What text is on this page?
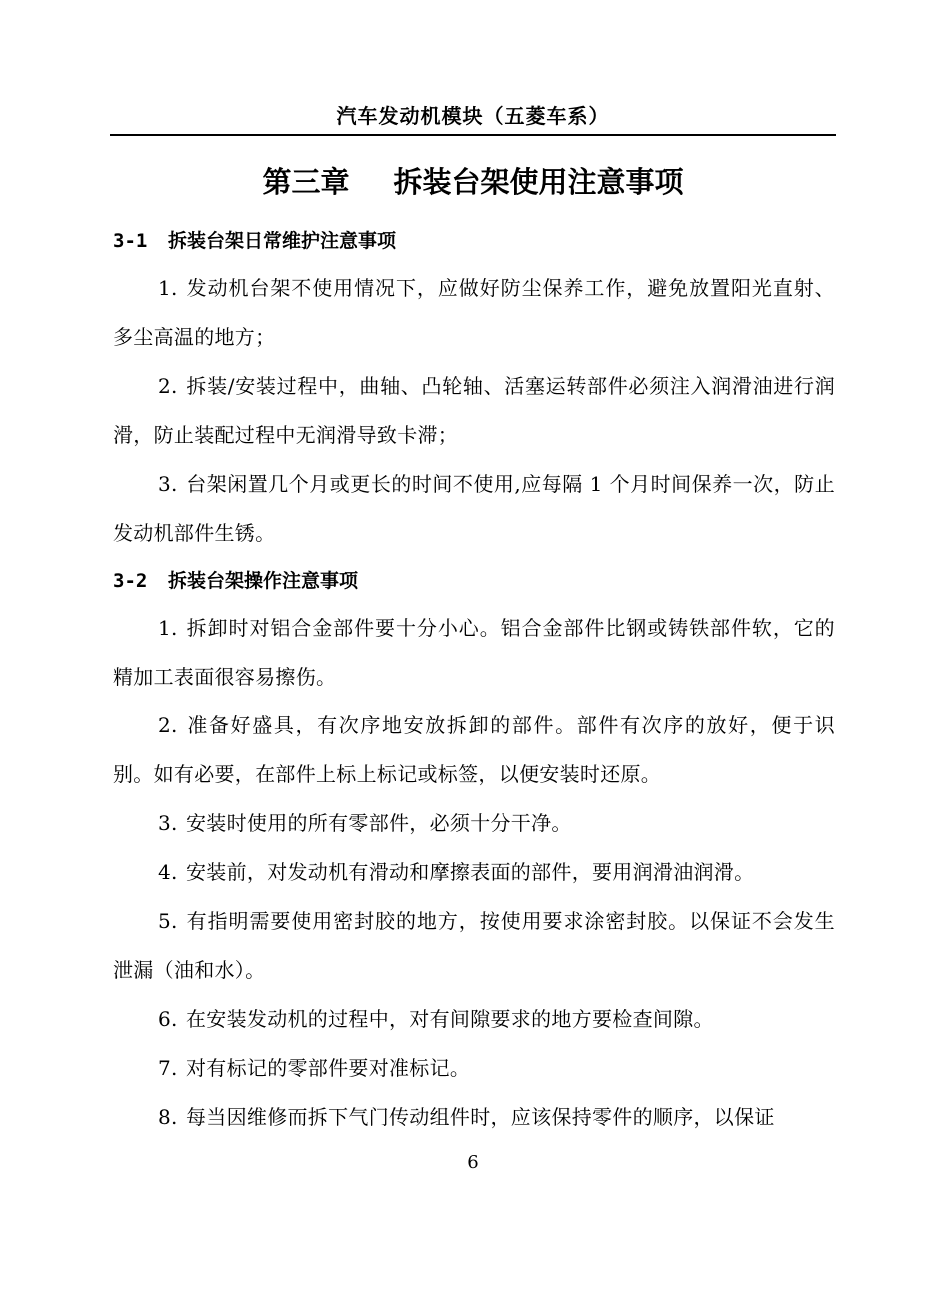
汽车发动机模块（五菱车系）
第三章 拆装台架使用注意事项
3-1 拆装台架日常维护注意事项
1. 发动机台架不使用情况下，应做好防尘保养工作，避免放置阳光直射、多尘高温的地方；
2. 拆装/安装过程中，曲轴、凸轮轴、活塞运转部件必须注入润滑油进行润滑，防止装配过程中无润滑导致卡滞；
3. 台架闲置几个月或更长的时间不使用,应每隔 1 个月时间保养一次，防止发动机部件生锈。
3-2 拆装台架操作注意事项
1. 拆卸时对铝合金部件要十分小心。铝合金部件比钢或铸铁部件软，它的精加工表面很容易擦伤。
2. 准备好盛具，有次序地安放拆卸的部件。部件有次序的放好，便于识别。如有必要，在部件上标上标记或标签，以便安装时还原。
3. 安装时使用的所有零部件，必须十分干净。
4. 安装前，对发动机有滑动和摩擦表面的部件，要用润滑油润滑。
5. 有指明需要使用密封胶的地方，按使用要求涂密封胶。以保证不会发生泄漏（油和水）。
6. 在安装发动机的过程中，对有间隙要求的地方要检查间隙。
7. 对有标记的零部件要对准标记。
8. 每当因维修而拆下气门传动组件时，应该保持零件的顺序，以保证
6
